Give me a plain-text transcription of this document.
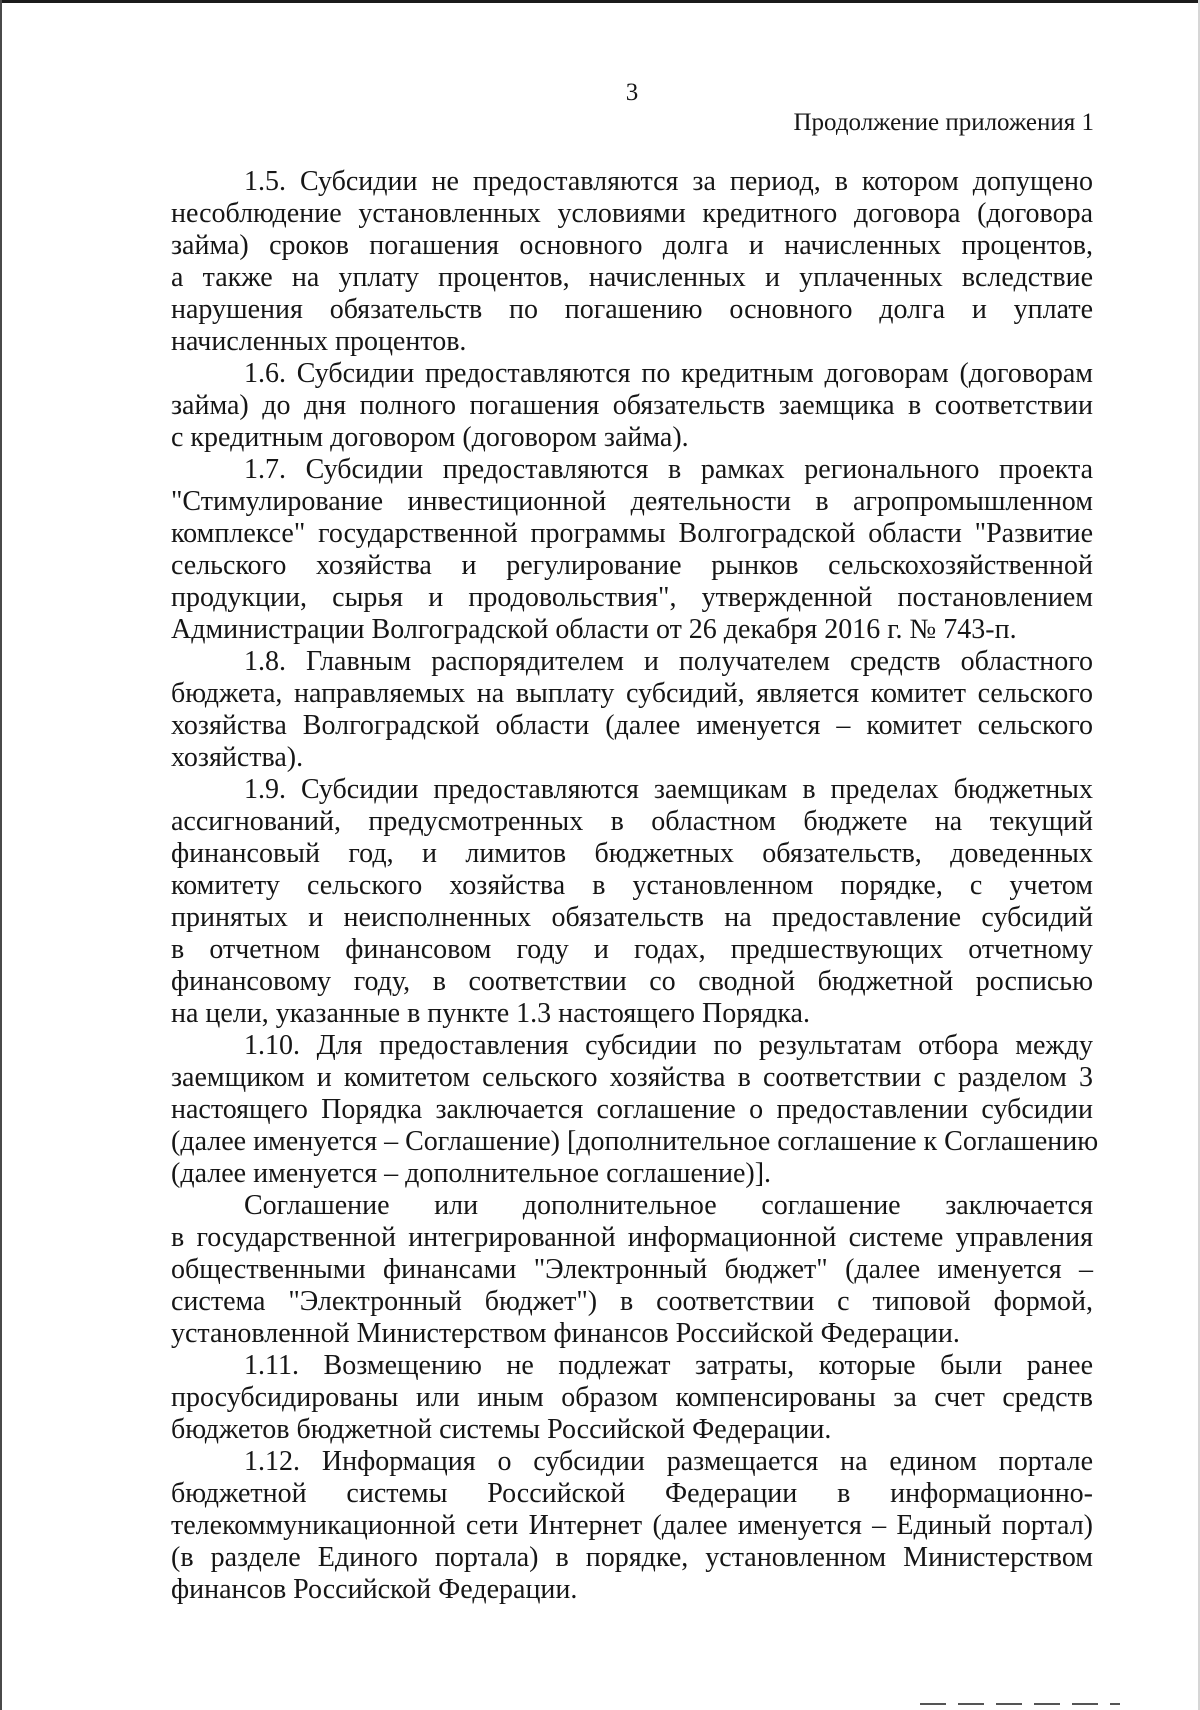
3
Продолжение приложения 1
1.5. Субсидии не предоставляются за период, в котором допущено
несоблюдение установленных условиями кредитного договора (договора
займа) сроков погашения основного долга и начисленных процентов,
а также на уплату процентов, начисленных и уплаченных вследствие
нарушения обязательств по погашению основного долга и уплате
начисленных процентов.
1.6. Субсидии предоставляются по кредитным договорам (договорам
займа) до дня полного погашения обязательств заемщика в соответствии
с кредитным договором (договором займа).
1.7. Субсидии предоставляются в рамках регионального проекта
"Стимулирование инвестиционной деятельности в агропромышленном
комплексе" государственной программы Волгоградской области "Развитие
сельского хозяйства и регулирование рынков сельскохозяйственной
продукции, сырья и продовольствия", утвержденной постановлением
Администрации Волгоградской области от 26 декабря 2016 г. № 743-п.
1.8. Главным распорядителем и получателем средств областного
бюджета, направляемых на выплату субсидий, является комитет сельского
хозяйства Волгоградской области (далее именуется – комитет сельского
хозяйства).
1.9. Субсидии предоставляются заемщикам в пределах бюджетных
ассигнований, предусмотренных в областном бюджете на текущий
финансовый год, и лимитов бюджетных обязательств, доведенных
комитету сельского хозяйства в установленном порядке, с учетом
принятых и неисполненных обязательств на предоставление субсидий
в отчетном финансовом году и годах, предшествующих отчетному
финансовому году, в соответствии со сводной бюджетной росписью
на цели, указанные в пункте 1.3 настоящего Порядка.
1.10. Для предоставления субсидии по результатам отбора между
заемщиком и комитетом сельского хозяйства в соответствии с разделом 3
настоящего Порядка заключается соглашение о предоставлении субсидии
(далее именуется – Соглашение) [дополнительное соглашение к Соглашению
(далее именуется – дополнительное соглашение)].
Соглашение или дополнительное соглашение заключается
в государственной интегрированной информационной системе управления
общественными финансами "Электронный бюджет" (далее именуется –
система "Электронный бюджет") в соответствии с типовой формой,
установленной Министерством финансов Российской Федерации.
1.11. Возмещению не подлежат затраты, которые были ранее
просубсидированы или иным образом компенсированы за счет средств
бюджетов бюджетной системы Российской Федерации.
1.12. Информация о субсидии размещается на едином портале
бюджетной системы Российской Федерации в информационно-
телекоммуникационной сети Интернет (далее именуется – Единый портал)
(в разделе Единого портала) в порядке, установленном Министерством
финансов Российской Федерации.
